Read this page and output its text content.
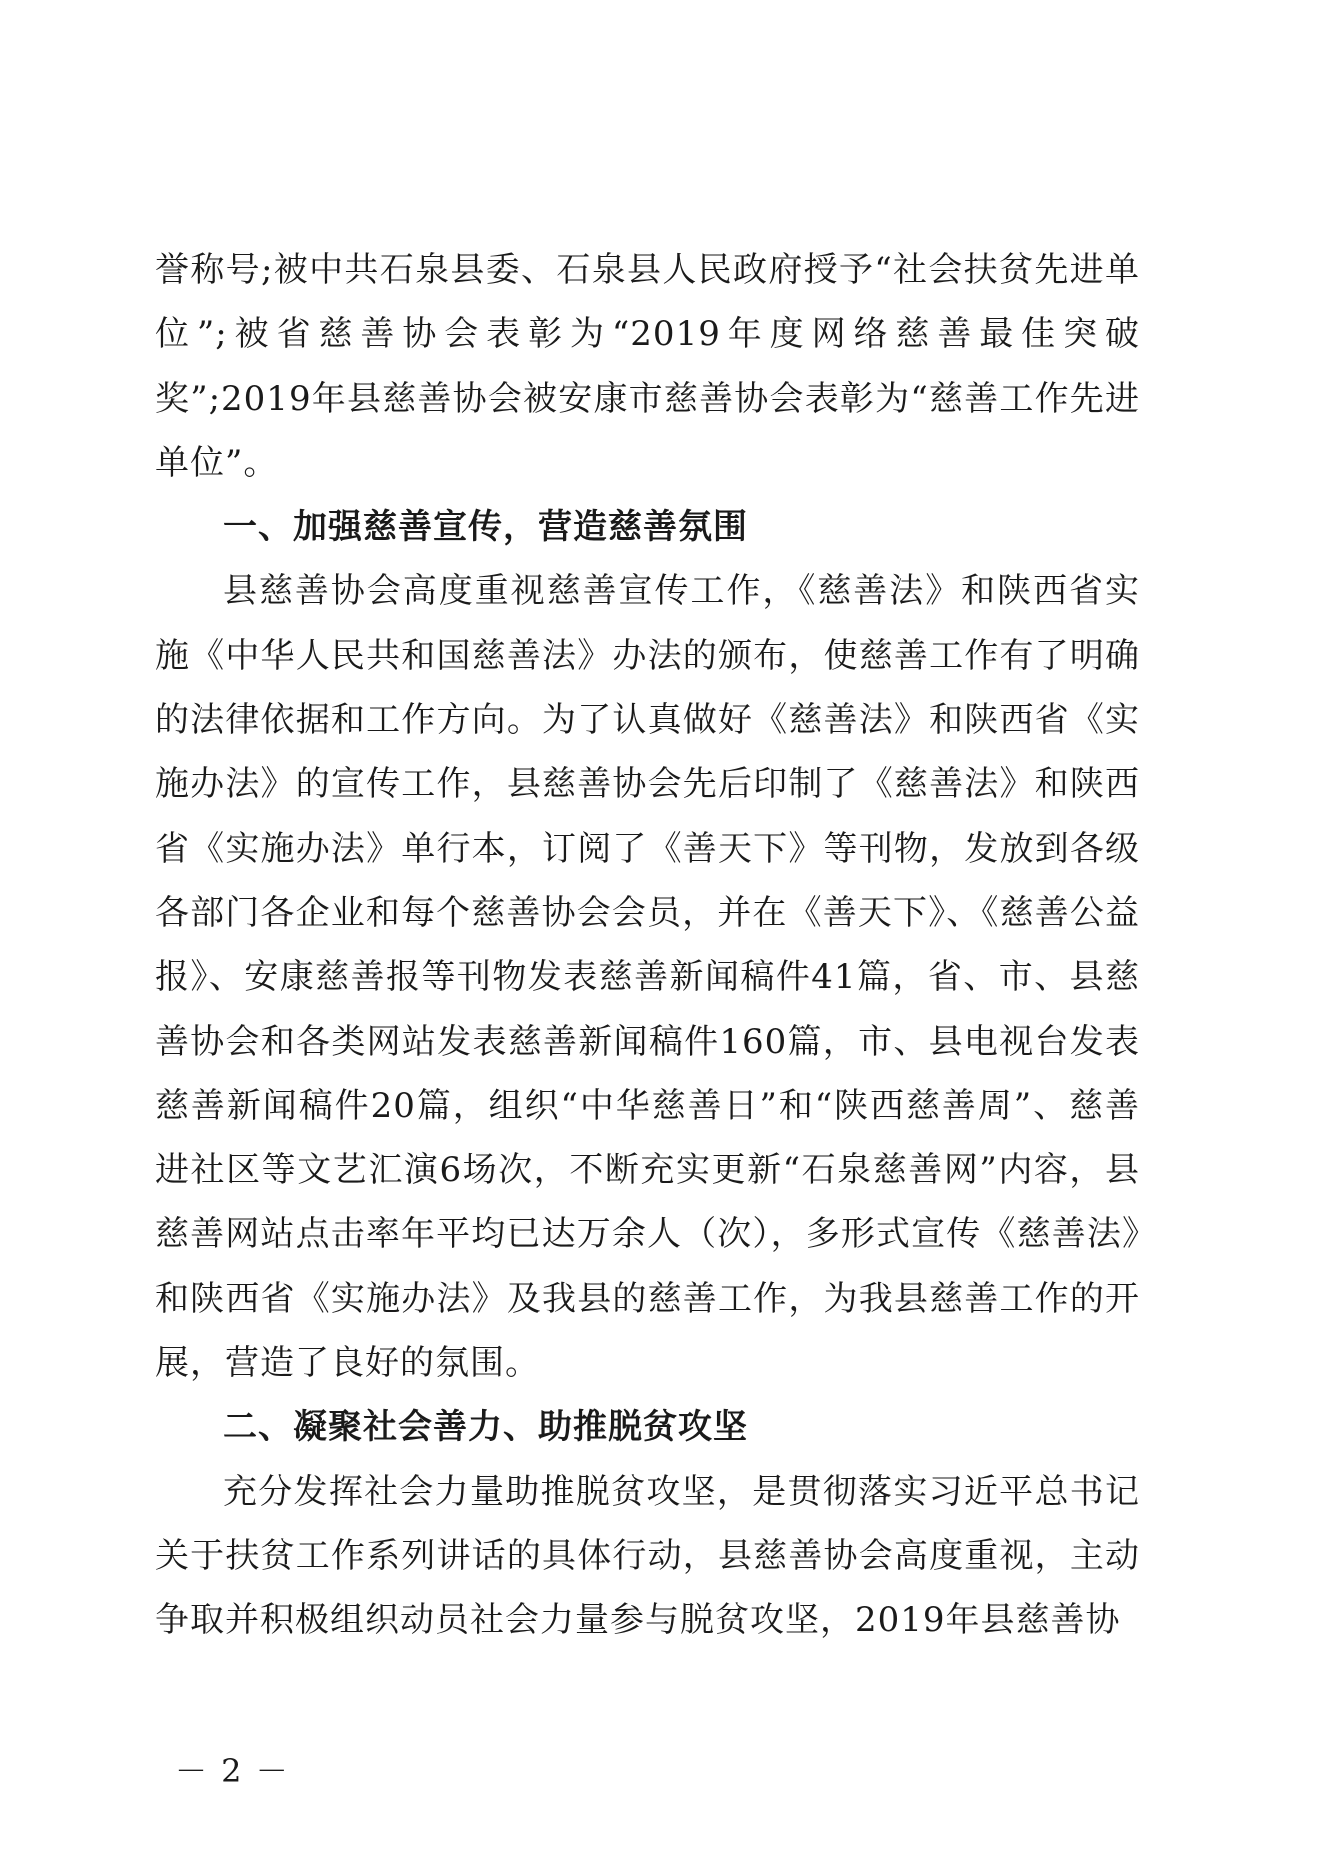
誉称号;被中共石泉县委、石泉县人民政府授予“社会扶贫先进单位”;被省慈善协会表彰为“2019年度网络慈善最佳突破奖”;2019年县慈善协会被安康市慈善协会表彰为“慈善工作先进单位”。

一、加强慈善宣传，营造慈善氛围

县慈善协会高度重视慈善宣传工作，《慈善法》和陕西省实施《中华人民共和国慈善法》办法的颁布，使慈善工作有了明确的法律依据和工作方向。为了认真做好《慈善法》和陕西省《实施办法》的宣传工作，县慈善协会先后印制了《慈善法》和陕西省《实施办法》单行本，订阅了《善天下》等刊物，发放到各级各部门各企业和每个慈善协会会员，并在《善天下》、《慈善公益报》、安康慈善报等刊物发表慈善新闻稿件41篇，省、市、县慈善协会和各类网站发表慈善新闻稿件160篇，市、县电视台发表慈善新闻稿件20篇，组织“中华慈善日”和“陕西慈善周”、慈善进社区等文艺汇演6场次，不断充实更新“石泉慈善网”内容，县慈善网站点击率年平均已达万余人（次），多形式宣传《慈善法》和陕西省《实施办法》及我县的慈善工作，为我县慈善工作的开展，营造了良好的氛围。

二、凝聚社会善力、助推脱贫攻坚

充分发挥社会力量助推脱贫攻坚，是贯彻落实习近平总书记关于扶贫工作系列讲话的具体行动，县慈善协会高度重视，主动争取并积极组织动员社会力量参与脱贫攻坚，2019年县慈善协

－ 2 －
